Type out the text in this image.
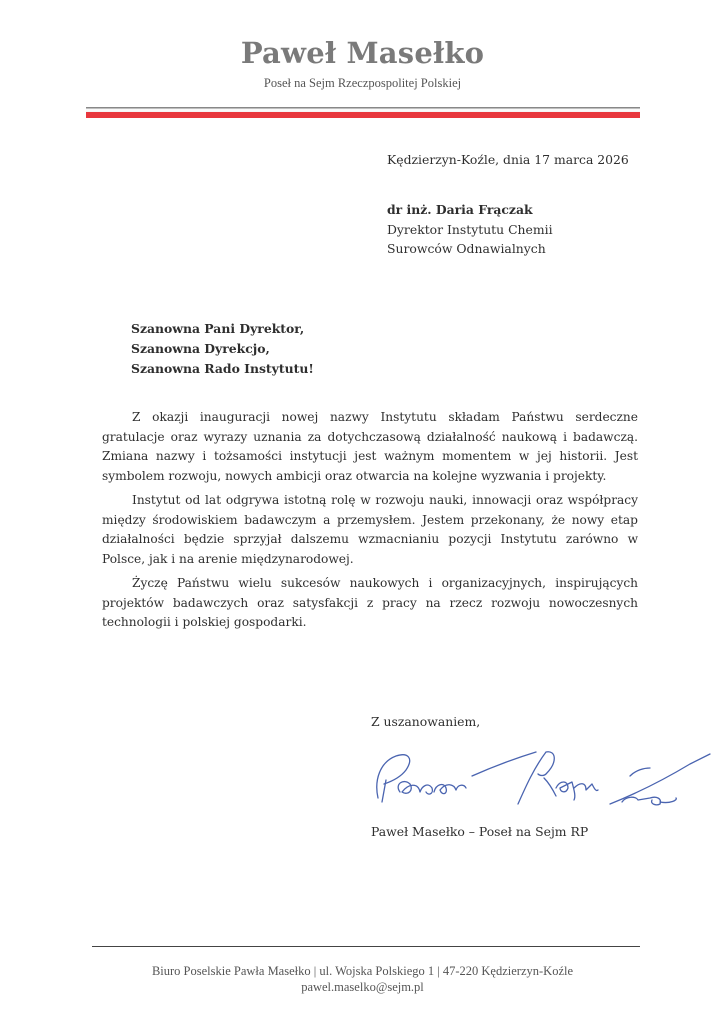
Paweł Masełko
Poseł na Sejm Rzeczpospolitej Polskiej
Kędzierzyn-Koźle, dnia 17 marca 2026
dr inż. Daria Frączak
Dyrektor Instytutu Chemii
Surowców Odnawialnych
Szanowna Pani Dyrektor,
Szanowna Dyrekcjo,
Szanowna Rado Instytutu!

Z okazji inauguracji nowej nazwy Instytutu składam Państwu serdeczne gratulacje oraz wyrazy uznania za dotychczasową działalność naukową i badawczą. Zmiana nazwy i tożsamości instytucji jest ważnym momentem w jej historii. Jest symbolem rozwoju, nowych ambicji oraz otwarcia na kolejne wyzwania i projekty.

Instytut od lat odgrywa istotną rolę w rozwoju nauki, innowacji oraz współpracy między środowiskiem badawczym a przemysłem. Jestem przekonany, że nowy etap działalności będzie sprzyjał dalszemu wzmacnianiu pozycji Instytutu zarówno w Polsce, jak i na arenie międzynarodowej.

Życzę Państwu wielu sukcesów naukowych i organizacyjnych, inspirujących projektów badawczych oraz satysfakcji z pracy na rzecz rozwoju nowoczesnych technologii i polskiej gospodarki.

Z uszanowaniem,
Paweł Masełko – Poseł na Sejm RP
Biuro Poselskie Pawła Masełko | ul. Wojska Polskiego 1 | 47-220 Kędzierzyn-Koźle
pawel.maselko@sejm.pl
